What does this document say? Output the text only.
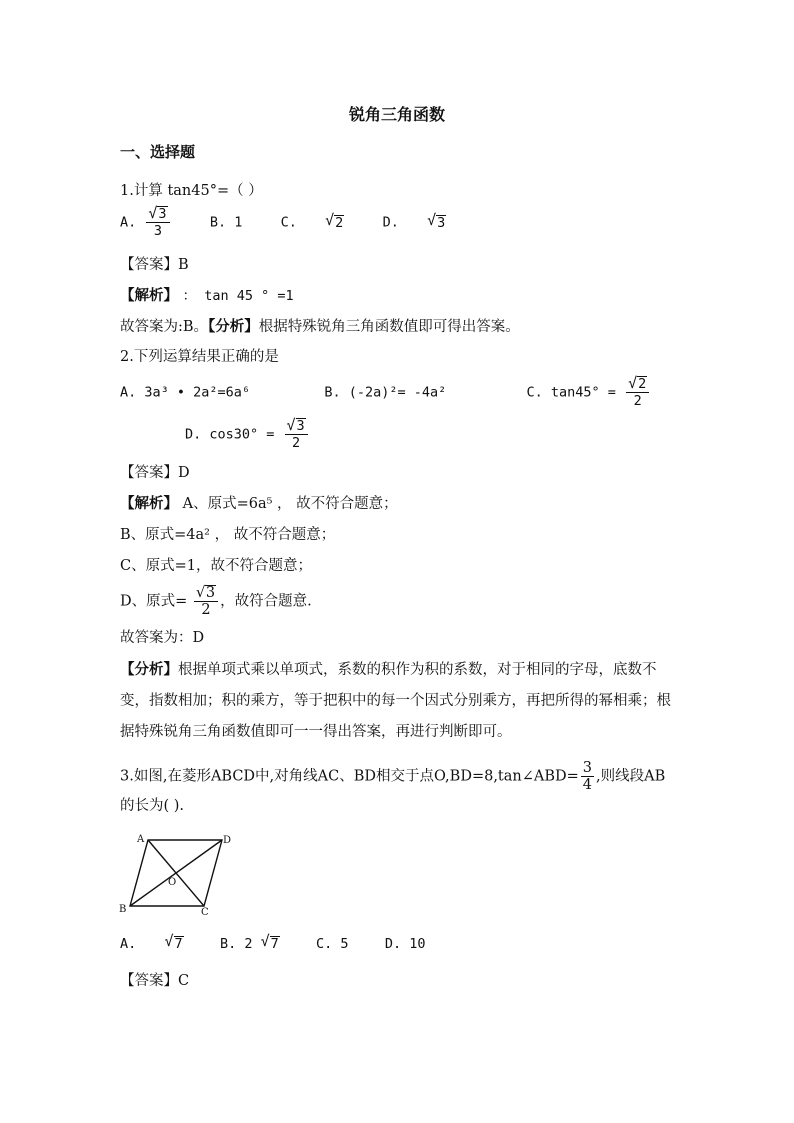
锐角三角函数
一、选择题
1.计算 tan45°=（ ）
A. $\frac{√ 3}{3}$	B. 1	C. √ 2	D. √ 3
【答案】B
【解析】 ： tan 45 ° =1
故答案为:B。【分析】根据特殊锐角三角函数值即可得出答案。
2.下列运算结果正确的是
A. 3a³ • 2a²=6a⁶	B. (-2a)²= -4a²	C. $\tan 45^\circ = \frac{√ 2}{2}$
D. $\cos 30^\circ = \frac{√ 3}{2}$
【答案】D
【解析】 A、原式=6a⁵ ， 故不符合题意；
B、原式=4a² ， 故不符合题意；
C、原式=1，故不符合题意；
D、原式= $\frac{√ 3}{2}$ ，故符合题意.
故答案为：D
【分析】根据单项式乘以单项式，系数的积作为积的系数，对于相同的字母，底数不变，指数相加；积的乘方，等于把积中的每一个因式分别乘方，再把所得的幂相乘；根据特殊锐角三角函数值即可一一得出答案，再进行判断即可。
3.如图,在菱形ABCD中,对角线AC、BD相交于点O,BD=8,tan∠ABD= $\frac{3}{4}$ ,则线段AB
的长为( ).
A	D
B	C
O
A. √ 7	B. 2 √ 7	C. 5	D. 10
【答案】C
